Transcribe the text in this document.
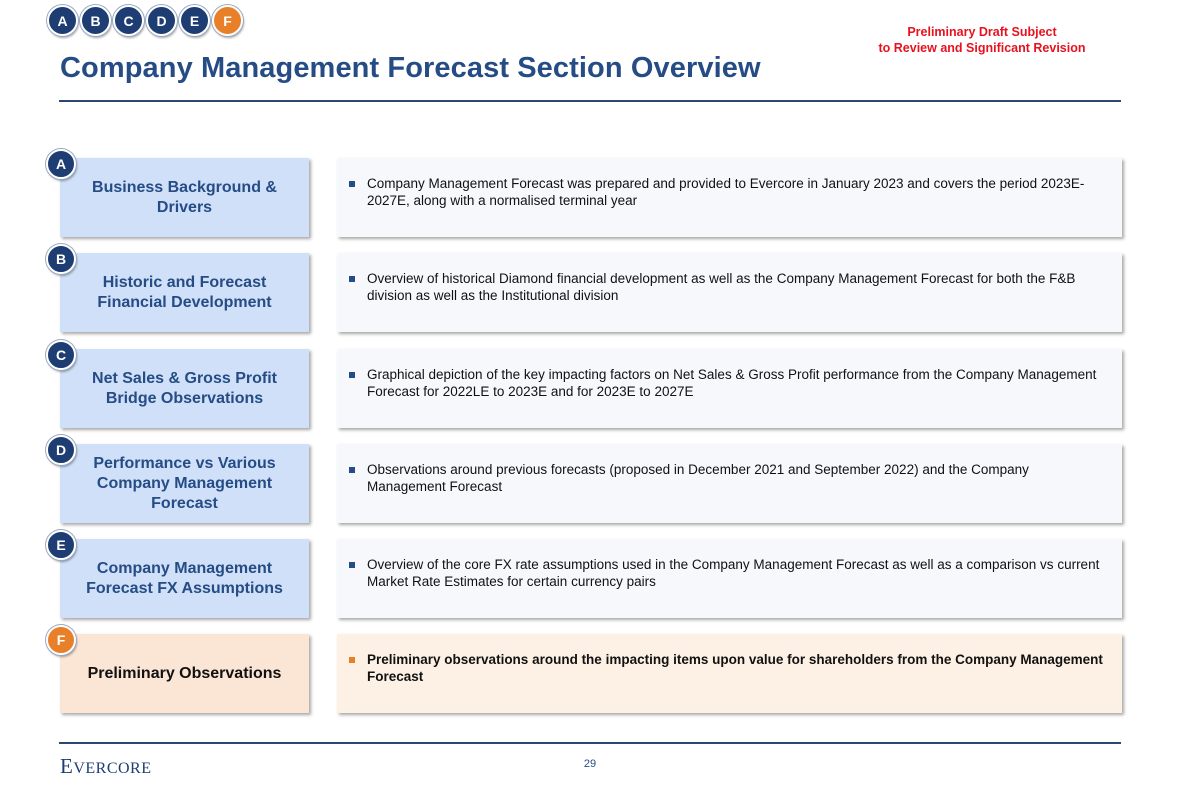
A	B	C	D	E	F
Preliminary Draft Subject
to Review and Significant Revision
Company Management Forecast Section Overview
Business Background & Drivers
Company Management Forecast was prepared and provided to Evercore in January 2023 and covers the period 2023E-2027E, along with a normalised terminal year
A
Historic and Forecast Financial Development
Overview of historical Diamond financial development as well as the Company Management Forecast for both the F&B division as well as the Institutional division
B
Net Sales & Gross Profit Bridge Observations
Graphical depiction of the key impacting factors on Net Sales & Gross Profit performance from the Company Management Forecast for 2022LE to 2023E and for 2023E to 2027E
C
Performance vs Various Company Management Forecast
Observations around previous forecasts (proposed in December 2021 and September 2022) and the Company Management Forecast
D
Company Management Forecast FX Assumptions
Overview of the core FX rate assumptions used in the Company Management Forecast as well as a comparison vs current Market Rate Estimates for certain currency pairs
E
Preliminary Observations
Preliminary observations around the impacting items upon value for shareholders from the Company Management Forecast
F
EVERCORE	29
